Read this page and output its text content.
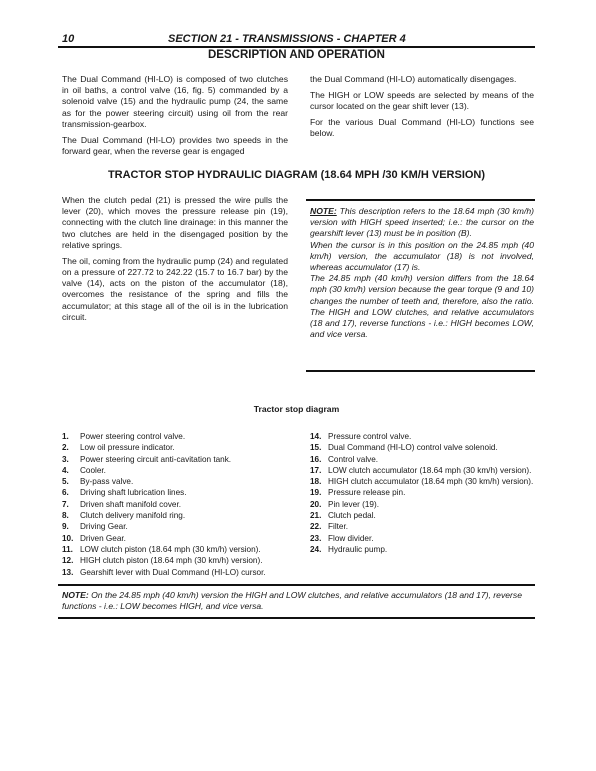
10	SECTION 21 - TRANSMISSIONS - CHAPTER 4
DESCRIPTION AND OPERATION

The Dual Command (HI-LO) is composed of two clutches in oil baths, a control valve (16, fig. 5) commanded by a solenoid valve (15) and the hydraulic pump (24, the same as for the power steering circuit) using oil from the rear transmission-gearbox.

The Dual Command (HI-LO) provides two speeds in the forward gear, when the reverse gear is engaged

the Dual Command (HI-LO) automatically disengages.

The HIGH or LOW speeds are selected by means of the cursor located on the gear shift lever (13).

For the various Dual Command (HI-LO) functions see below.

TRACTOR STOP HYDRAULIC DIAGRAM (18.64 MPH /30 KM/H VERSION)

When the clutch pedal (21) is pressed the wire pulls the lever (20), which moves the pressure release pin (19), connecting with the clutch line drainage: in this manner the two clutches are held in the disengaged position by the relative springs.

The oil, coming from the hydraulic pump (24) and regulated on a pressure of 227.72 to 242.22 (15.7 to 16.7 bar) by the valve (14), acts on the piston of the accumulator (18), overcomes the resistance of the spring and fills the accumulator; at this stage all of the oil is in the lubrication circuit.

NOTE: This description refers to the 18.64 mph (30 km/h) version with HIGH speed inserted; i.e.: the cursor on the gearshift lever (13) must be in position (B).

When the cursor is in this position on the 24.85 mph (40 km/h) version, the accumulator (18) is not involved, whereas accumulator (17) is.

The 24.85 mph (40 km/h) version differs from the 18.64 mph (30 km/h) version because the gear torque (9 and 10) changes the number of teeth and, therefore, also the ratio. The HIGH and LOW clutches, and relative accumulators (18 and 17), reverse functions - i.e.: HIGH becomes LOW, and vice versa.

Tractor stop diagram
1.	Power steering control valve.
2.	Low oil pressure indicator.
3.	Power steering circuit anti-cavitation tank.
4.	Cooler.
5.	By-pass valve.
6.	Driving shaft lubrication lines.
7.	Driven shaft manifold cover.
8.	Clutch delivery manifold ring.
9.	Driving Gear.
10. Driven Gear.
11. LOW clutch piston (18.64 mph (30 km/h) version).
12. HIGH clutch piston (18.64 mph (30 km/h) version).
13. Gearshift lever with Dual Command (HI-LO) cursor.
14. Pressure control valve.
15. Dual Command (HI-LO) control valve solenoid.
16. Control valve.
17. LOW clutch accumulator (18.64 mph (30 km/h) version).
18. HIGH clutch accumulator (18.64 mph (30 km/h) version).
19. Pressure release pin.
20. Pin lever (19).
21. Clutch pedal.
22. Filter.
23. Flow divider.
24. Hydraulic pump.
NOTE: On the 24.85 mph (40 km/h) version the HIGH and LOW clutches, and relative accumulators (18 and 17), reverse functions - i.e.: LOW becomes HIGH, and vice versa.
